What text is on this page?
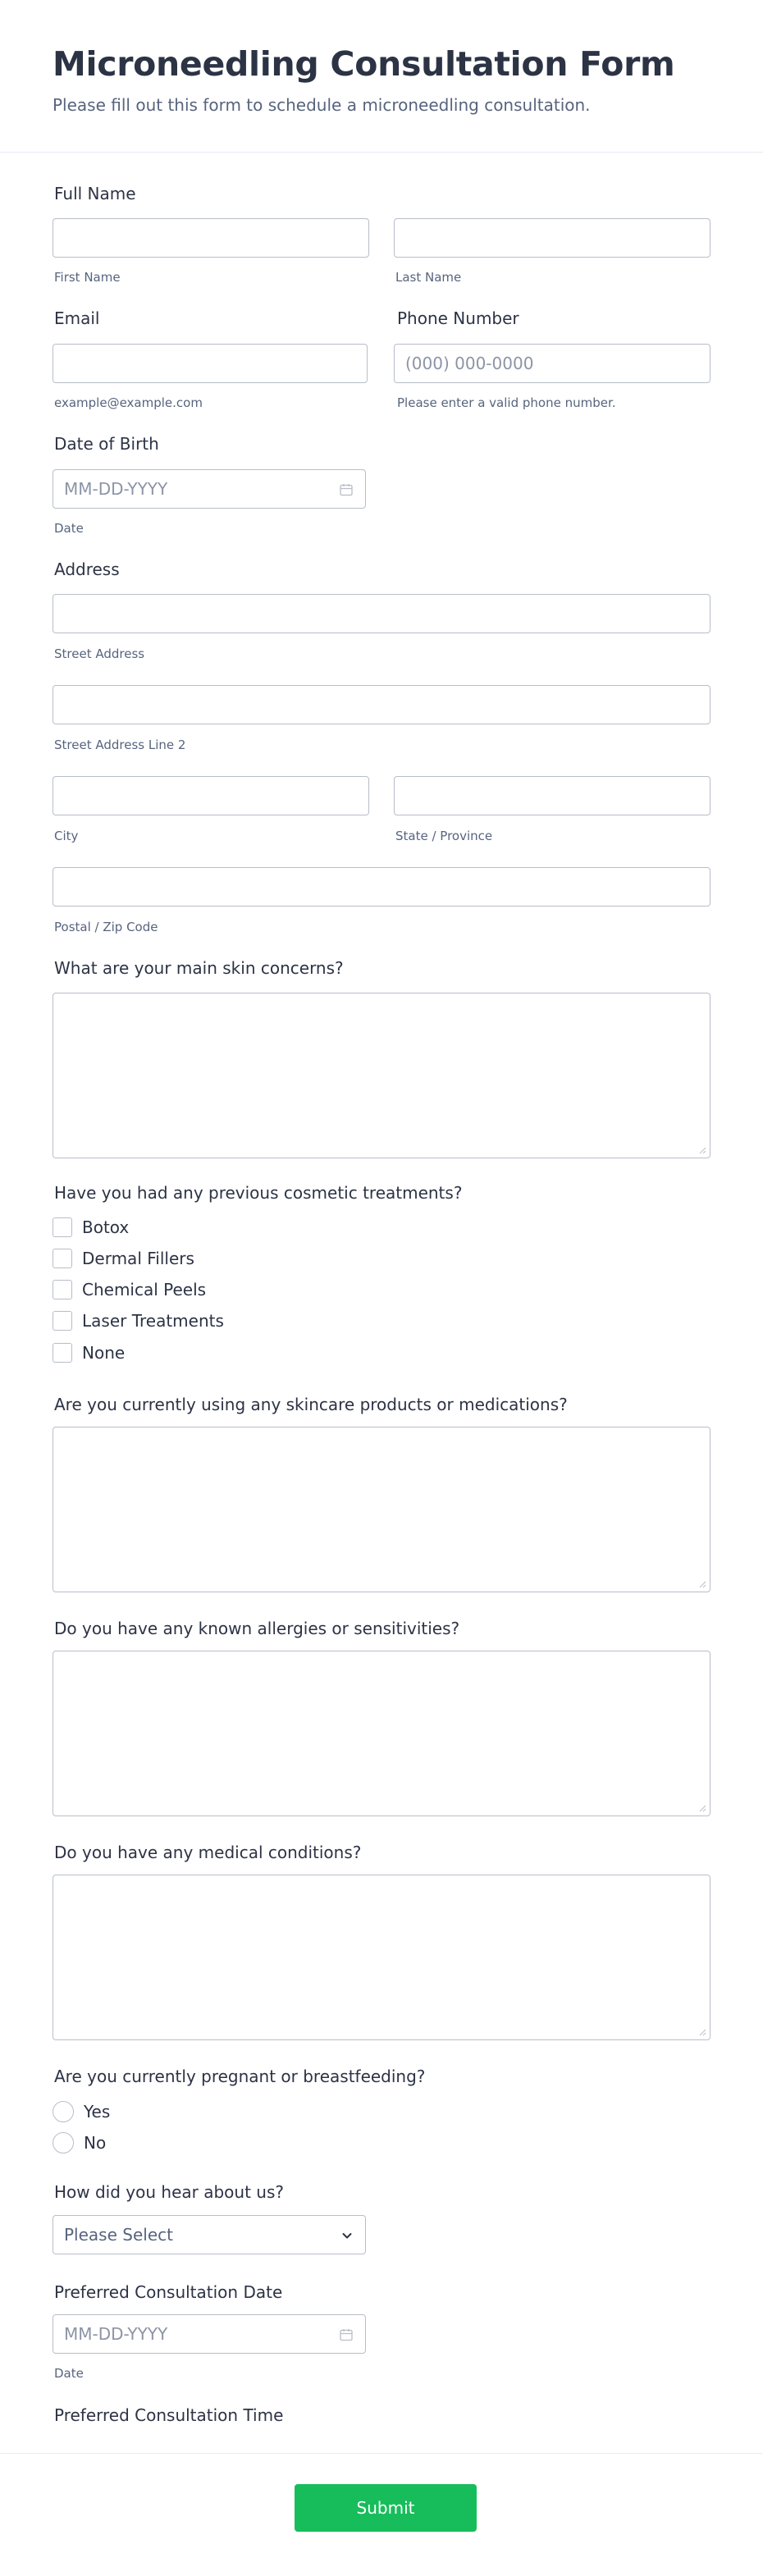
Microneedling Consultation Form
Please fill out this form to schedule a microneedling consultation.
Full Name
First Name	Last Name
Email	Phone Number
(000) 000-0000
example@example.com	Please enter a valid phone number.
Date of Birth
MM-DD-YYYY
Date
Address
Street Address
Street Address Line 2
City	State / Province
Postal / Zip Code
What are your main skin concerns?
Have you had any previous cosmetic treatments?
Botox
Dermal Fillers
Chemical Peels
Laser Treatments
None
Are you currently using any skincare products or medications?
Do you have any known allergies or sensitivities?
Do you have any medical conditions?
Are you currently pregnant or breastfeeding?
Yes
No
How did you hear about us?
Please Select
Preferred Consultation Date
MM-DD-YYYY
Date
Preferred Consultation Time
Submit
